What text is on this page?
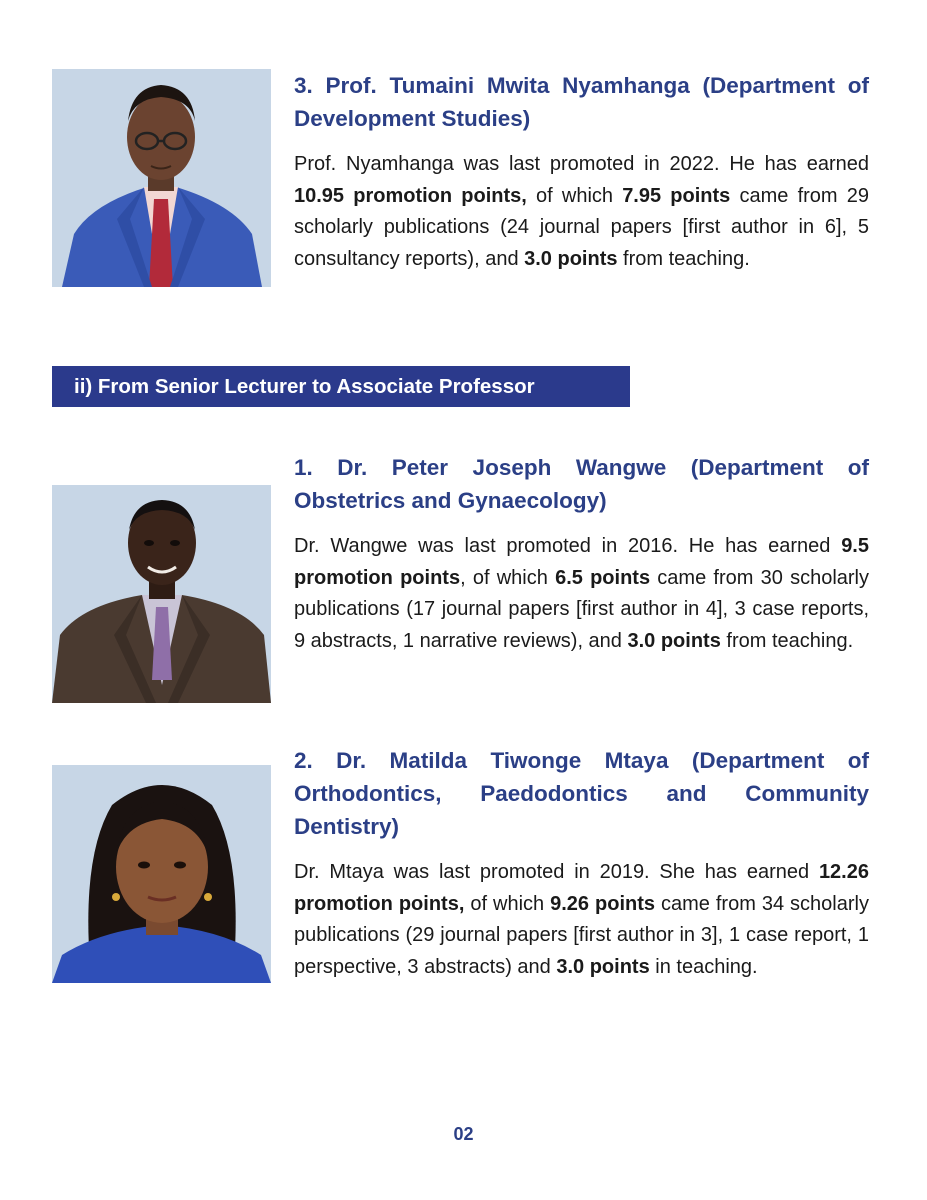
3. Prof. Tumaini Mwita Nyamhanga (Department of Development Studies)

Prof. Nyamhanga was last promoted in 2022. He has earned 10.95 promotion points, of which 7.95 points came from 29 scholarly publications (24 journal papers [first author in 6], 5 consultancy reports), and 3.0 points from teaching.

ii) From Senior Lecturer to Associate Professor
1. Dr. Peter Joseph Wangwe (Department of Obstetrics and Gynaecology)

Dr. Wangwe was last promoted in 2016. He has earned 9.5 promotion points, of which 6.5 points came from 30 scholarly publications (17 journal papers [first author in 4], 3 case reports, 9 abstracts, 1 narrative reviews), and 3.0 points from teaching.

2. Dr. Matilda Tiwonge Mtaya (Department of Orthodontics, Paedodontics and Community Dentistry)

Dr. Mtaya was last promoted in 2019. She has earned 12.26 promotion points, of which 9.26 points came from 34 scholarly publications (29 journal papers [first author in 3], 1 case report, 1 perspective, 3 abstracts) and 3.0 points in teaching.

02
